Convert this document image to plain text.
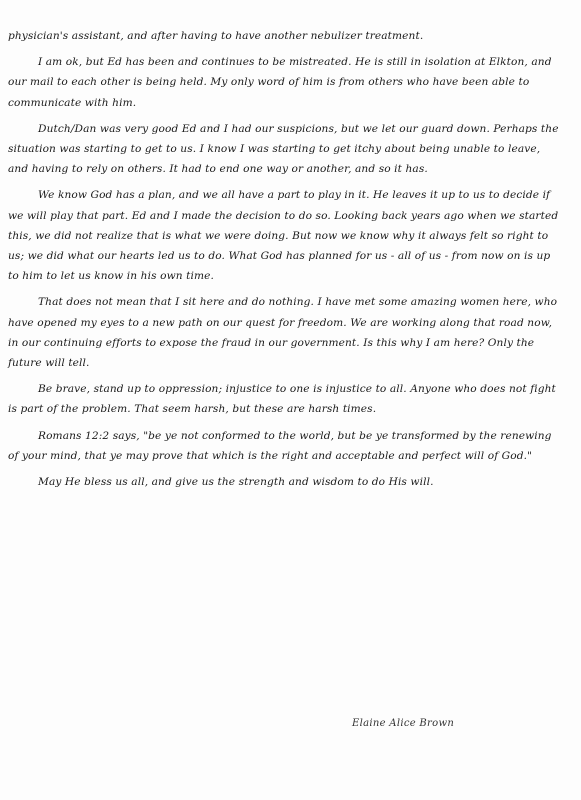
physician's assistant, and after having to have another nebulizer treatment.

I am ok, but Ed has been and continues to be mistreated. He is still in isolation at Elkton, and our mail to each other is being held. My only word of him is from others who have been able to communicate with him.

Dutch/Dan was very good Ed and I had our suspicions, but we let our guard down. Perhaps the situation was starting to get to us. I know I was starting to get itchy about being unable to leave, and having to rely on others. It had to end one way or another, and so it has.

We know God has a plan, and we all have a part to play in it. He leaves it up to us to decide if we will play that part. Ed and I made the decision to do so. Looking back years ago when we started this, we did not realize that is what we were doing. But now we know why it always felt so right to us; we did what our hearts led us to do. What God has planned for us - all of us - from now on is up to him to let us know in his own time.

That does not mean that I sit here and do nothing. I have met some amazing women here, who have opened my eyes to a new path on our quest for freedom. We are working along that road now, in our continuing efforts to expose the fraud in our government. Is this why I am here? Only the future will tell.

Be brave, stand up to oppression; injustice to one is injustice to all. Anyone who does not fight is part of the problem. That seem harsh, but these are harsh times.

Romans 12:2 says, "be ye not conformed to the world, but be ye transformed by the renewing of your mind, that ye may prove that which is the right and acceptable and perfect will of God."

May He bless us all, and give us the strength and wisdom to do His will.

Elaine Alice Brown
